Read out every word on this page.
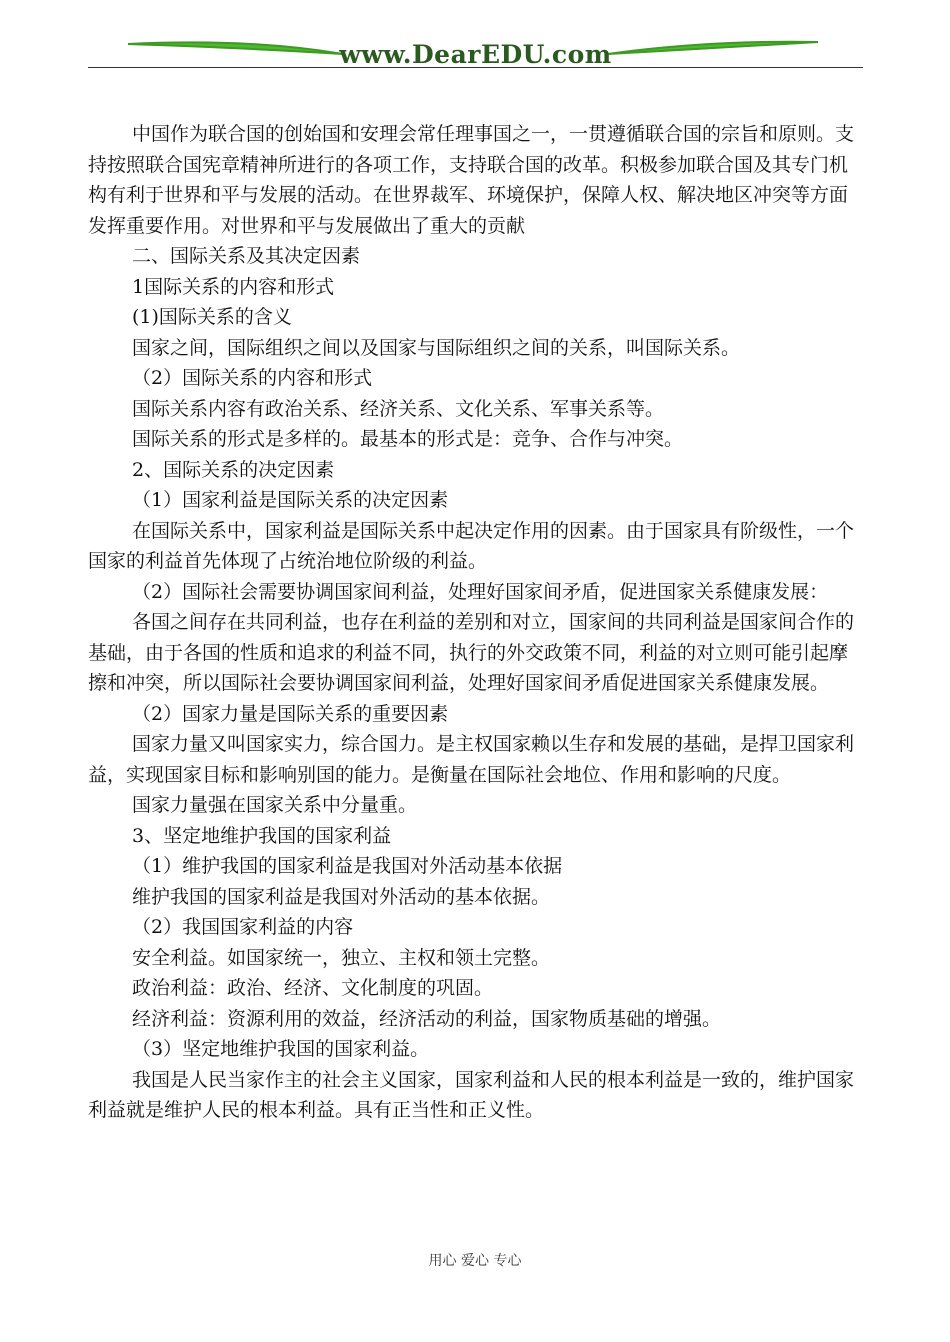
www.DearEDU.com

中国作为联合国的创始国和安理会常任理事国之一，一贯遵循联合国的宗旨和原则。支持按照联合国宪章精神所进行的各项工作，支持联合国的改革。积极参加联合国及其专门机构有利于世界和平与发展的活动。在世界裁军、环境保护，保障人权、解决地区冲突等方面发挥重要作用。对世界和平与发展做出了重大的贡献

二、国际关系及其决定因素

1国际关系的内容和形式

(1)国际关系的含义

国家之间，国际组织之间以及国家与国际组织之间的关系，叫国际关系。

（2）国际关系的内容和形式

国际关系内容有政治关系、经济关系、文化关系、军事关系等。

国际关系的形式是多样的。最基本的形式是：竞争、合作与冲突。

2、国际关系的决定因素

（1）国家利益是国际关系的决定因素

在国际关系中，国家利益是国际关系中起决定作用的因素。由于国家具有阶级性，一个国家的利益首先体现了占统治地位阶级的利益。

（2）国际社会需要协调国家间利益，处理好国家间矛盾，促进国家关系健康发展：

各国之间存在共同利益，也存在利益的差别和对立，国家间的共同利益是国家间合作的基础，由于各国的性质和追求的利益不同，执行的外交政策不同，利益的对立则可能引起摩擦和冲突，所以国际社会要协调国家间利益，处理好国家间矛盾促进国家关系健康发展。

（2）国家力量是国际关系的重要因素

国家力量又叫国家实力，综合国力。是主权国家赖以生存和发展的基础，是捍卫国家利益，实现国家目标和影响别国的能力。是衡量在国际社会地位、作用和影响的尺度。

国家力量强在国家关系中分量重。

3、坚定地维护我国的国家利益

（1）维护我国的国家利益是我国对外活动基本依据

维护我国的国家利益是我国对外活动的基本依据。

（2）我国国家利益的内容

安全利益。如国家统一，独立、主权和领土完整。

政治利益：政治、经济、文化制度的巩固。

经济利益：资源利用的效益，经济活动的利益，国家物质基础的增强。

（3）坚定地维护我国的国家利益。

我国是人民当家作主的社会主义国家，国家利益和人民的根本利益是一致的，维护国家利益就是维护人民的根本利益。具有正当性和正义性。

用心 爱心 专心
